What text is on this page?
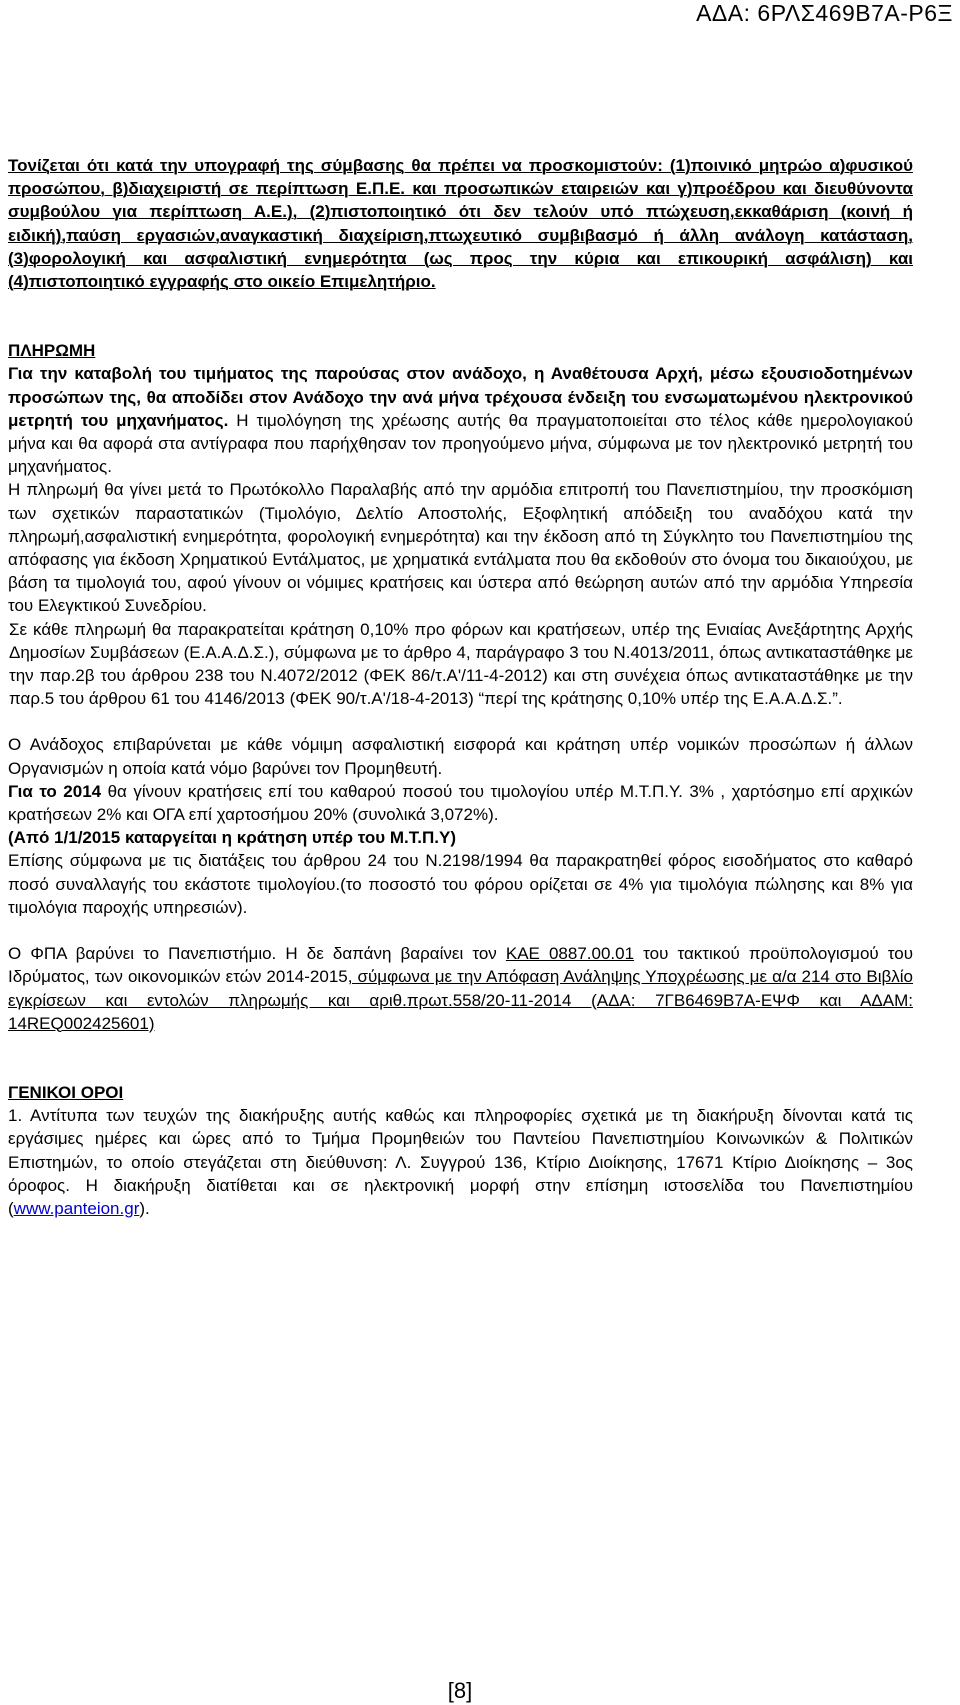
ΑΔΑ: 6ΡΛΣ469Β7Α-Ρ6Ξ

Τονίζεται ότι κατά την υπογραφή της σύμβασης θα πρέπει να προσκομιστούν: (1)ποινικό μητρώο α)φυσικού προσώπου, β)διαχειριστή σε περίπτωση Ε.Π.Ε. και προσωπικών εταιρειών και γ)προέδρου και διευθύνοντα συμβούλου για περίπτωση Α.Ε.), (2)πιστοποιητικό ότι δεν τελούν υπό πτώχευση,εκκαθάριση (κοινή ή ειδική),παύση εργασιών,αναγκαστική διαχείριση,πτωχευτικό συμβιβασμό ή άλλη ανάλογη κατάσταση, (3)φορολογική και ασφαλιστική ενημερότητα (ως προς την κύρια και επικουρική ασφάλιση) και (4)πιστοποιητικό εγγραφής στο οικείο Επιμελητήριο.

ΠΛΗΡΩΜΗ

Για την καταβολή του τιμήματος της παρούσας στον ανάδοχο, η Αναθέτουσα Αρχή, μέσω εξουσιοδοτημένων προσώπων της, θα αποδίδει στον Ανάδοχο την ανά μήνα τρέχουσα ένδειξη του ενσωματωμένου ηλεκτρονικού μετρητή του μηχανήματος. Η τιμολόγηση της χρέωσης αυτής θα πραγματοποιείται στο τέλος κάθε ημερολογιακού μήνα και θα αφορά στα αντίγραφα που παρήχθησαν τον προηγούμενο μήνα, σύμφωνα με τον ηλεκτρονικό μετρητή του μηχανήματος.

Η πληρωμή θα γίνει μετά το Πρωτόκολλο Παραλαβής από την αρμόδια επιτροπή του Πανεπιστημίου, την προσκόμιση των σχετικών παραστατικών (Τιμολόγιο, Δελτίο Αποστολής, Εξοφλητική απόδειξη του αναδόχου κατά την πληρωμή,ασφαλιστική ενημερότητα, φορολογική ενημερότητα) και την έκδοση από τη Σύγκλητο του Πανεπιστημίου της απόφασης για έκδοση Χρηματικού Εντάλματος, με χρηματικά εντάλματα που θα εκδοθούν στο όνομα του δικαιούχου, με βάση τα τιμολογιά του, αφού γίνουν οι νόμιμες κρατήσεις και ύστερα από θεώρηση αυτών από την αρμόδια Υπηρεσία του Ελεγκτικού Συνεδρίου.

Σε κάθε πληρωμή θα παρακρατείται κράτηση 0,10% προ φόρων και κρατήσεων, υπέρ της Ενιαίας Ανεξάρτητης Αρχής Δημοσίων Συμβάσεων (Ε.Α.Α.Δ.Σ.), σύμφωνα με το άρθρο 4, παράγραφο 3 του Ν.4013/2011, όπως αντικαταστάθηκε με την παρ.2β του άρθρου 238 του Ν.4072/2012 (ΦΕΚ 86/τ.Α'/11-4-2012) και στη συνέχεια όπως αντικαταστάθηκε με την παρ.5 του άρθρου 61 του 4146/2013 (ΦΕΚ 90/τ.Α'/18-4-2013) “περί της κράτησης 0,10% υπέρ της Ε.Α.Α.Δ.Σ.”.

Ο Ανάδοχος επιβαρύνεται με κάθε νόμιμη ασφαλιστική εισφορά και κράτηση υπέρ νομικών προσώπων ή άλλων Οργανισμών η οποία κατά νόμο βαρύνει τον Προμηθευτή.

Για το 2014 θα γίνουν κρατήσεις επί του καθαρού ποσού του τιμολογίου υπέρ Μ.Τ.Π.Υ. 3% , χαρτόσημο επί αρχικών κρατήσεων 2% και ΟΓΑ επί χαρτοσήμου 20% (συνολικά 3,072%).

(Από 1/1/2015 καταργείται η κράτηση υπέρ του Μ.Τ.Π.Υ)

Επίσης σύμφωνα με τις διατάξεις του άρθρου 24 του Ν.2198/1994 θα παρακρατηθεί φόρος εισοδήματος στο καθαρό ποσό συναλλαγής του εκάστοτε τιμολογίου.(το ποσοστό του φόρου ορίζεται σε 4% για τιμολόγια πώλησης και 8% για τιμολόγια παροχής υπηρεσιών).

Ο ΦΠΑ βαρύνει το Πανεπιστήμιο. Η δε δαπάνη βαραίνει τον ΚΑΕ 0887.00.01 του τακτικού προϋπολογισμού του Ιδρύματος, των οικονομικών ετών 2014-2015, σύμφωνα με την Απόφαση Ανάληψης Υποχρέωσης με α/α 214 στο Βιβλίο εγκρίσεων και εντολών πληρωμής και αριθ.πρωτ.558/20-11-2014 (ΑΔΑ: 7ΓΒ6469Β7Α-ΕΨΦ και ΑΔΑΜ: 14REQ002425601)

ΓΕΝΙΚΟΙ ΟΡΟΙ

1. Αντίτυπα των τευχών της διακήρυξης αυτής καθώς και πληροφορίες σχετικά με τη διακήρυξη δίνονται κατά τις εργάσιμες ημέρες και ώρες από το Τμήμα Προμηθειών του Παντείου Πανεπιστημίου Κοινωνικών & Πολιτικών Επιστημών, το οποίο στεγάζεται στη διεύθυνση: Λ. Συγγρού 136, Κτίριο Διοίκησης, 17671 Κτίριο Διοίκησης – 3ος όροφος. Η διακήρυξη διατίθεται και σε ηλεκτρονική μορφή στην επίσημη ιστοσελίδα του Πανεπιστημίου (www.panteion.gr).

[8]
